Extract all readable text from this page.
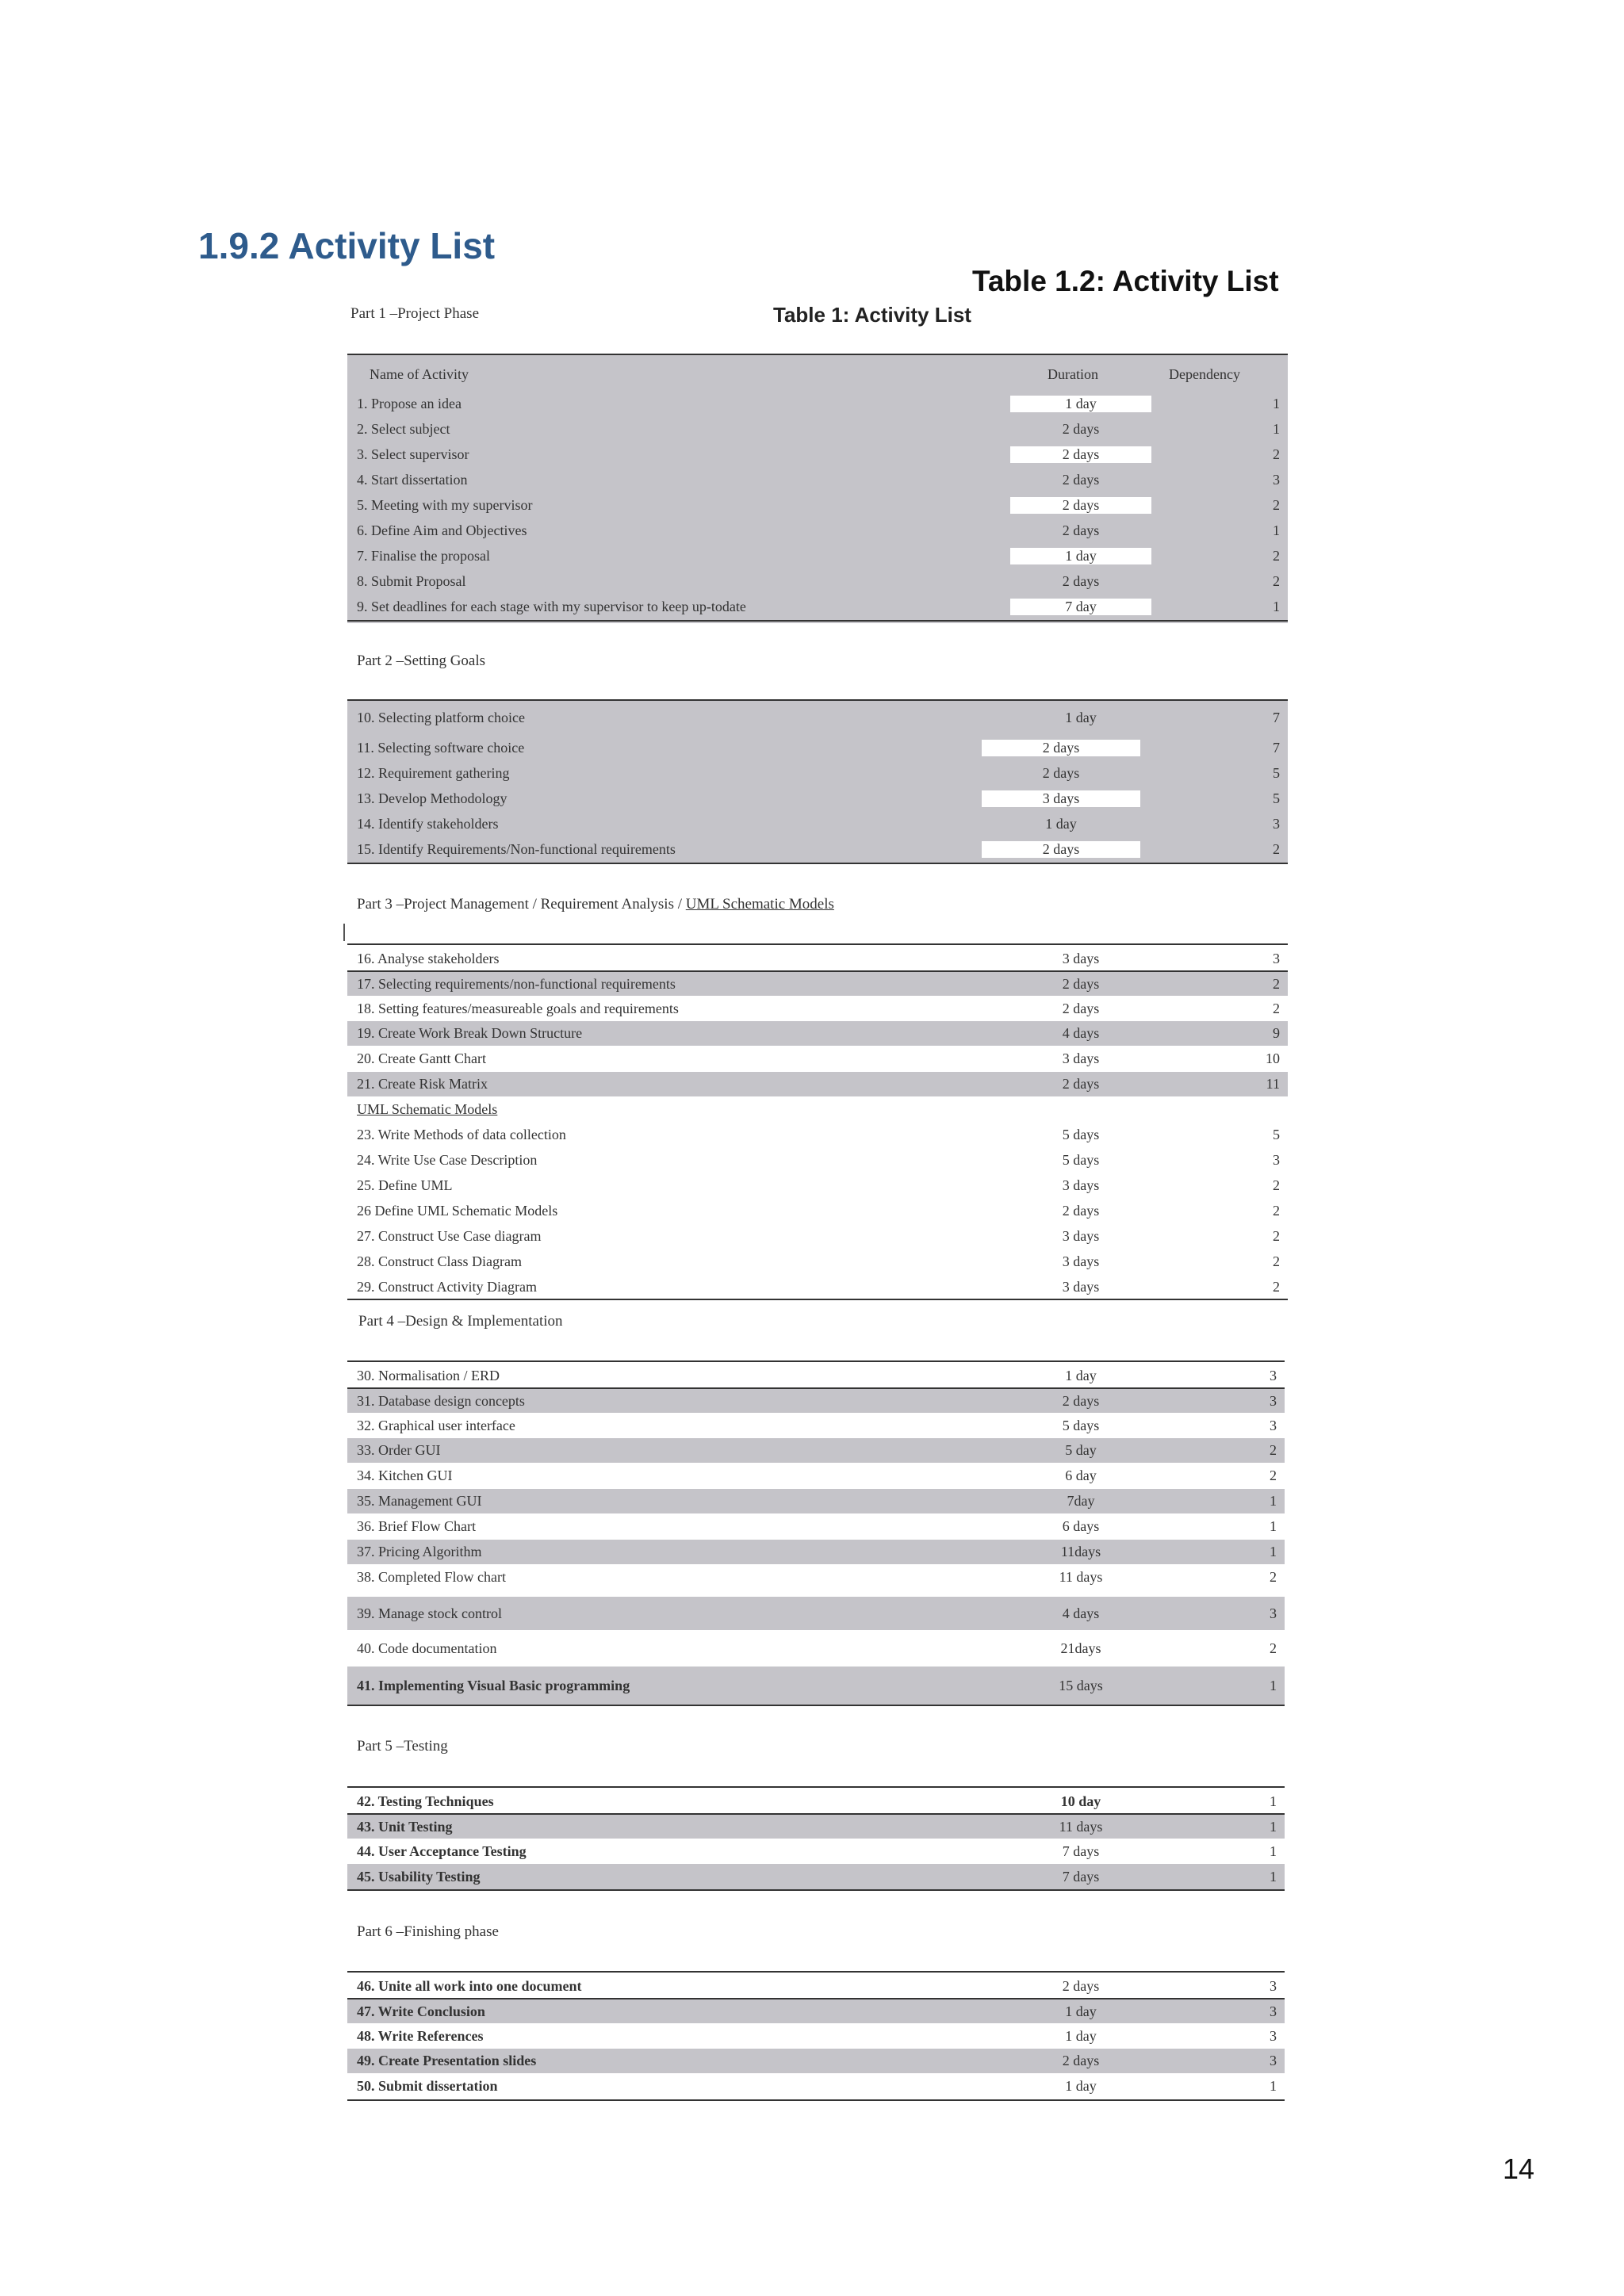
1.9.2 Activity List
Table 1.2: Activity List
Table 1: Activity List
Part 1 –Project Phase
Name of Activity	Duration	Dependency
1. Propose an idea	1 day	1
2. Select subject	2 days	1
3. Select supervisor	2 days	2
4. Start dissertation	2 days	3
5. Meeting with my supervisor	2 days	2
6. Define Aim and Objectives	2 days	1
7. Finalise the proposal	1 day	2
8. Submit Proposal	2 days	2
9. Set deadlines for each stage with my supervisor to keep up-todate	7 day	1
Part 2 –Setting Goals
10. Selecting platform choice	1 day	7
11. Selecting software choice	2 days	7
12. Requirement gathering	2 days	5
13. Develop Methodology	3 days	5
14. Identify stakeholders	1 day	3
15. Identify Requirements/Non-functional requirements	2 days	2
Part 3 –Project Management / Requirement Analysis / UML Schematic Models
16. Analyse stakeholders	3 days	3
17. Selecting requirements/non-functional requirements	2 days	2
18. Setting features/measureable goals and requirements	2 days	2
19. Create Work Break Down Structure	4 days	9
20. Create Gantt Chart	3 days	10
21. Create Risk Matrix	2 days	11
UML Schematic Models
23. Write Methods of data collection	5 days	5
24. Write Use Case Description	5 days	3
25. Define UML	3 days	2
26 Define UML Schematic Models	2 days	2
27. Construct Use Case diagram	3 days	2
28. Construct Class Diagram	3 days	2
29. Construct Activity Diagram	3 days	2
Part 4 –Design & Implementation
30. Normalisation / ERD	1 day	3
31. Database design concepts	2 days	3
32. Graphical user interface	5 days	3
33. Order GUI	5 day	2
34. Kitchen GUI	6 day	2
35. Management GUI	7day	1
36. Brief Flow Chart	6 days	1
37. Pricing Algorithm	11days	1
38. Completed Flow chart	11 days	2
39. Manage stock control	4 days	3
40. Code documentation	21days	2
41. Implementing Visual Basic programming	15 days	1
Part 5 –Testing
42. Testing Techniques	10 day	1
43. Unit Testing	11 days	1
44. User Acceptance Testing	7 days	1
45. Usability Testing	7 days	1
Part 6 –Finishing phase
46. Unite all work into one document	2 days	3
47. Write Conclusion	1 day	3
48. Write References	1 day	3
49. Create Presentation slides	2 days	3
50. Submit dissertation	1 day	1
14
